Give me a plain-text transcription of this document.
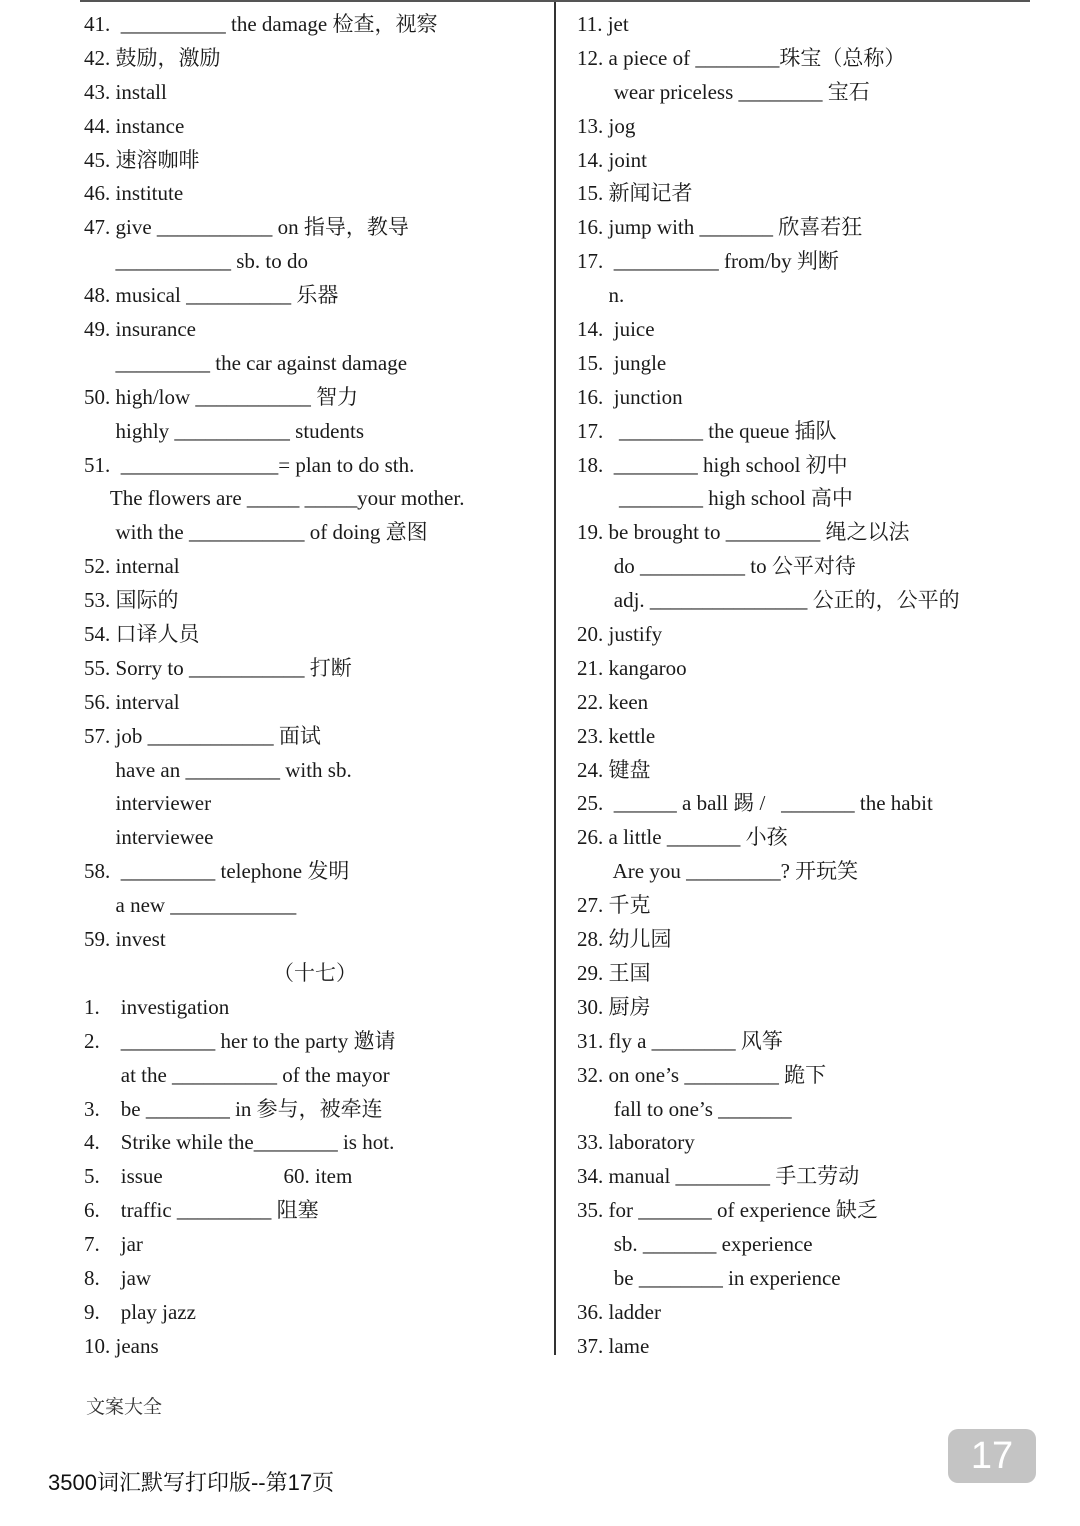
41.  __________ the damage 检查，视察
42. 鼓励，激励
43. install
44. instance
45. 速溶咖啡
46. institute
47. give ___________ on 指导，教导
___________ sb. to do
48. musical __________ 乐器
49. insurance
_________ the car against damage
50. high/low ___________ 智力
highly ___________ students
51.  _______________= plan to do sth.
The flowers are _____ _____your mother.
with the ___________ of doing 意图
52. internal
53. 国际的
54. 口译人员
55. Sorry to ___________ 打断
56. interval
57. job ____________ 面试
have an _________ with sb.
interviewer
interviewee
58.  _________ telephone 发明
a new ____________
59. invest
（十七）
1.    investigation
2.    _________ her to the party 邀请
at the __________ of the mayor
3.    be ________ in 参与，被牵连
4.    Strike while the________ is hot.
5.    issue                       60. item
6.    traffic _________ 阻塞
7.    jar
8.    jaw
9.    play jazz
10. jeans
11. jet
12. a piece of ________珠宝（总称）
wear priceless ________ 宝石
13. jog
14. joint
15. 新闻记者
16. jump with _______ 欣喜若狂
17.  __________ from/by 判断
n.
14.  juice
15.  jungle
16.  junction
17.   ________ the queue 插队
18.  ________ high school 初中
________ high school 高中
19. be brought to _________ 绳之以法
do __________ to 公平对待
adj. _______________ 公正的，公平的
20. justify
21. kangaroo
22. keen
23. kettle
24. 键盘
25.  ______ a ball 踢 /   _______ the habit
26. a little _______ 小孩
Are you _________? 开玩笑
27. 千克
28. 幼儿园
29. 王国
30. 厨房
31. fly a ________ 风筝
32. on one’s _________ 跪下
fall to one’s _______
33. laboratory
34. manual _________ 手工劳动
35. for _______ of experience 缺乏
sb. _______ experience
be ________ in experience
36. ladder
37. lame
文案大全
3500词汇默写打印版--第17页
17
